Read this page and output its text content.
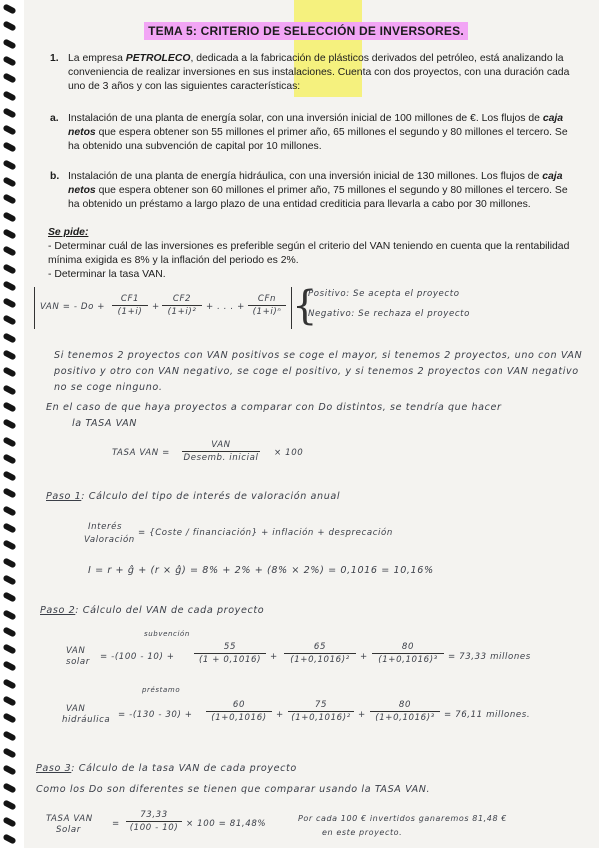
TEMA 5: CRITERIO DE SELECCIÓN DE INVERSORES.
1. La empresa PETROLECO, dedicada a la fabricación de plásticos derivados del petróleo, está analizando la conveniencia de realizar inversiones en sus instalaciones. Cuenta con dos proyectos, con una duración cada uno de 3 años y con las siguientes características:
a. Instalación de una planta de energía solar, con una inversión inicial de 100 millones de €. Los flujos de caja netos que espera obtener son 55 millones el primer año, 65 millones el segundo y 80 millones el tercero. Se ha obtenido una subvención de capital por 10 millones.
b. Instalación de una planta de energía hidráulica, con una inversión inicial de 130 millones. Los flujos de caja netos que espera obtener son 60 millones el primer año, 75 millones el segundo y 80 millones el tercero. Se ha obtenido un préstamo a largo plazo de una entidad crediticia para llevarla a cabo por 30 millones.
Se pide:
- Determinar cuál de las inversiones es preferible según el criterio del VAN teniendo en cuenta que la rentabilidad mínima exigida es 8% y la inflación del periodo es 2%.
- Determinar la tasa VAN.
VAN = - Do +
CF1
(1+i)	+
CF2
(1+i)²	+ . . . +
CFn
(1+i)ⁿ {
Positivo: Se acepta el proyecto
Negativo: Se rechaza el proyecto
Si tenemos 2 proyectos con VAN positivos se coge el mayor, si tenemos 2 proyectos, uno con VAN positivo y otro con VAN negativo, se coge el positivo, y si tenemos 2 proyectos con VAN negativo no se coge ninguno.
En el caso de que haya proyectos a comparar con Do distintos, se tendría que hacer
la TASA VAN
TASA VAN =
VAN
Desemb. inicial × 100
Paso 1: Cálculo del tipo de interés de valoración anual
Interés
Valoración
= {Coste / financiación} + inflación + desprecación
I = r + ĝ + (r × ĝ) = 8% + 2% + (8% × 2%) = 0,1016 = 10,16%
Paso 2: Cálculo del VAN de cada proyecto
subvención
VAN
solar = -(100 - 10) +
55
(1 + 0,1016)	+
65
(1+0,1016)²	+
80
(1+0,1016)³	= 73,33 millones
préstamo
VAN
hidráulica = -(130 - 30) +
60
(1+0,1016)	+
75
(1+0,1016)² +
80
(1+0,1016)³	= 76,11 millones.
Paso 3: Cálculo de la tasa VAN de cada proyecto
Como los Do son diferentes se tienen que comparar usando la TASA VAN.
TASA VAN
Solar
=
73,33
(100 - 10) × 100 = 81,48%
Por cada 100 € invertidos ganaremos 81,48 €
en este proyecto.
